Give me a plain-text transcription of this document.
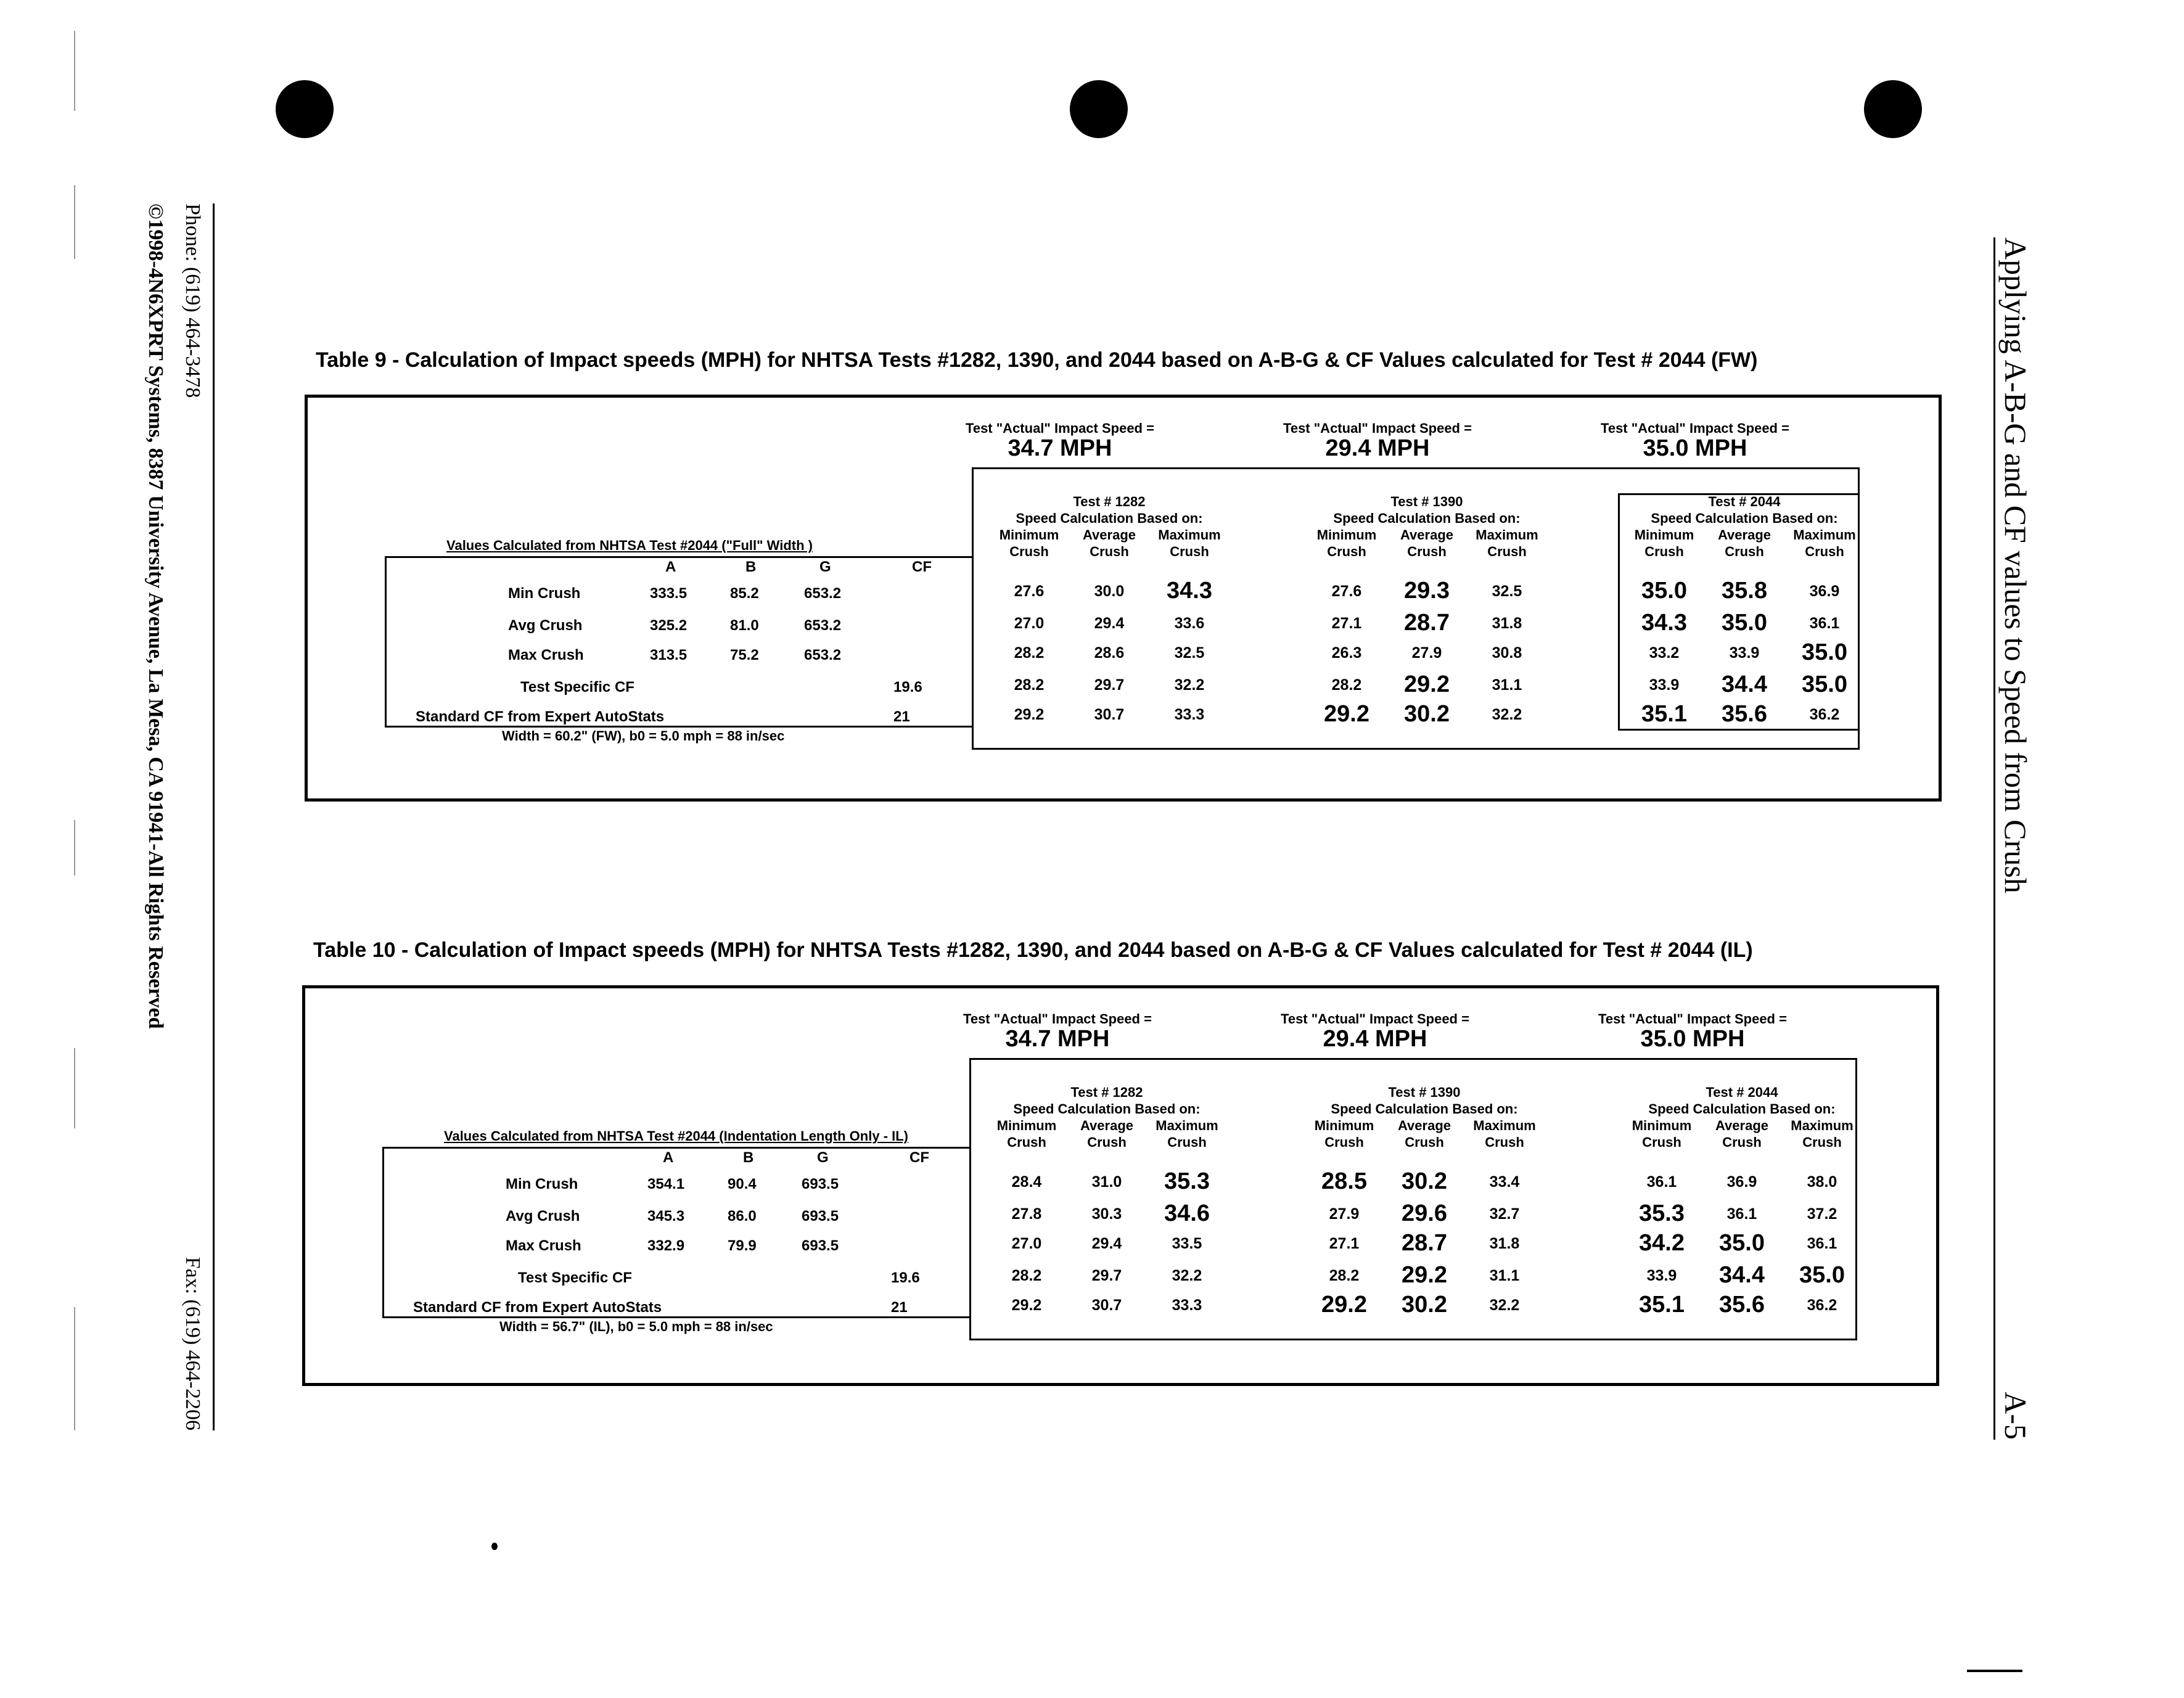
Phone: (619) 464-3478
Fax: (619) 464-2206
©1998-4N6XPRT Systems, 8387 University Avenue, La Mesa, CA 91941-All Rights Reserved	Applying A-B-G and CF values to Speed from Crush
A-5
Table 9 - Calculation of Impact speeds (MPH) for NHTSA Tests #1282, 1390, and 2044 based on A-B-G & CF Values calculated for Test # 2044 (FW)
Test "Actual" Impact Speed =
34.7 MPH
Test "Actual" Impact Speed =
29.4 MPH
Test "Actual" Impact Speed =
35.0 MPH
Test # 1282
Speed Calculation Based on:
Minimum
Crush
Average
Crush
Maximum
Crush
27.6	30.0	34.3
27.0	29.4	33.6
28.2	28.6	32.5
28.2	29.7	32.2
29.2	30.7	33.3
Test # 1390
Speed Calculation Based on:
Minimum
Crush
Average
Crush
Maximum
Crush
27.6	29.3	32.5
27.1	28.7	31.8
26.3	27.9	30.8
28.2	29.2	31.1
29.2	30.2	32.2
Test # 2044
Speed Calculation Based on:
Minimum
Crush
Average
Crush
Maximum
Crush
35.0	35.8	36.9
34.3	35.0	36.1
33.2	33.9	35.0
33.9	34.4	35.0
35.1	35.6	36.2
Values Calculated from NHTSA Test #2044 ("Full" Width )
A	B	G	CF
Min Crush	333.5	85.2	653.2
Avg Crush	325.2	81.0	653.2
Max Crush	313.5	75.2	653.2
Test Specific CF	19.6
Standard CF from Expert AutoStats	21
Width = 60.2" (FW), b0 = 5.0 mph = 88 in/sec
Table 10 - Calculation of Impact speeds (MPH) for NHTSA Tests #1282, 1390, and 2044 based on A-B-G & CF Values calculated for Test # 2044 (IL)
Test "Actual" Impact Speed =
34.7 MPH
Test "Actual" Impact Speed =
29.4 MPH
Test "Actual" Impact Speed =
35.0 MPH
Test # 1282
Speed Calculation Based on:
Minimum
Crush
Average
Crush
Maximum
Crush
28.4	31.0	35.3
27.8	30.3	34.6
27.0	29.4	33.5
28.2	29.7	32.2
29.2	30.7	33.3
Test # 1390
Speed Calculation Based on:
Minimum
Crush
Average
Crush
Maximum
Crush
28.5	30.2	33.4
27.9	29.6	32.7
27.1	28.7	31.8
28.2	29.2	31.1
29.2	30.2	32.2
Test # 2044
Speed Calculation Based on:
Minimum
Crush
Average
Crush
Maximum
Crush
36.1	36.9	38.0
35.3	36.1	37.2
34.2	35.0	36.1
33.9	34.4	35.0
35.1	35.6	36.2
Values Calculated from NHTSA Test #2044 (Indentation Length Only - IL)
A	B	G	CF
Min Crush	354.1	90.4	693.5
Avg Crush	345.3	86.0	693.5
Max Crush	332.9	79.9	693.5
Test Specific CF	19.6
Standard CF from Expert AutoStats	21
Width = 56.7" (IL), b0 = 5.0 mph = 88 in/sec
